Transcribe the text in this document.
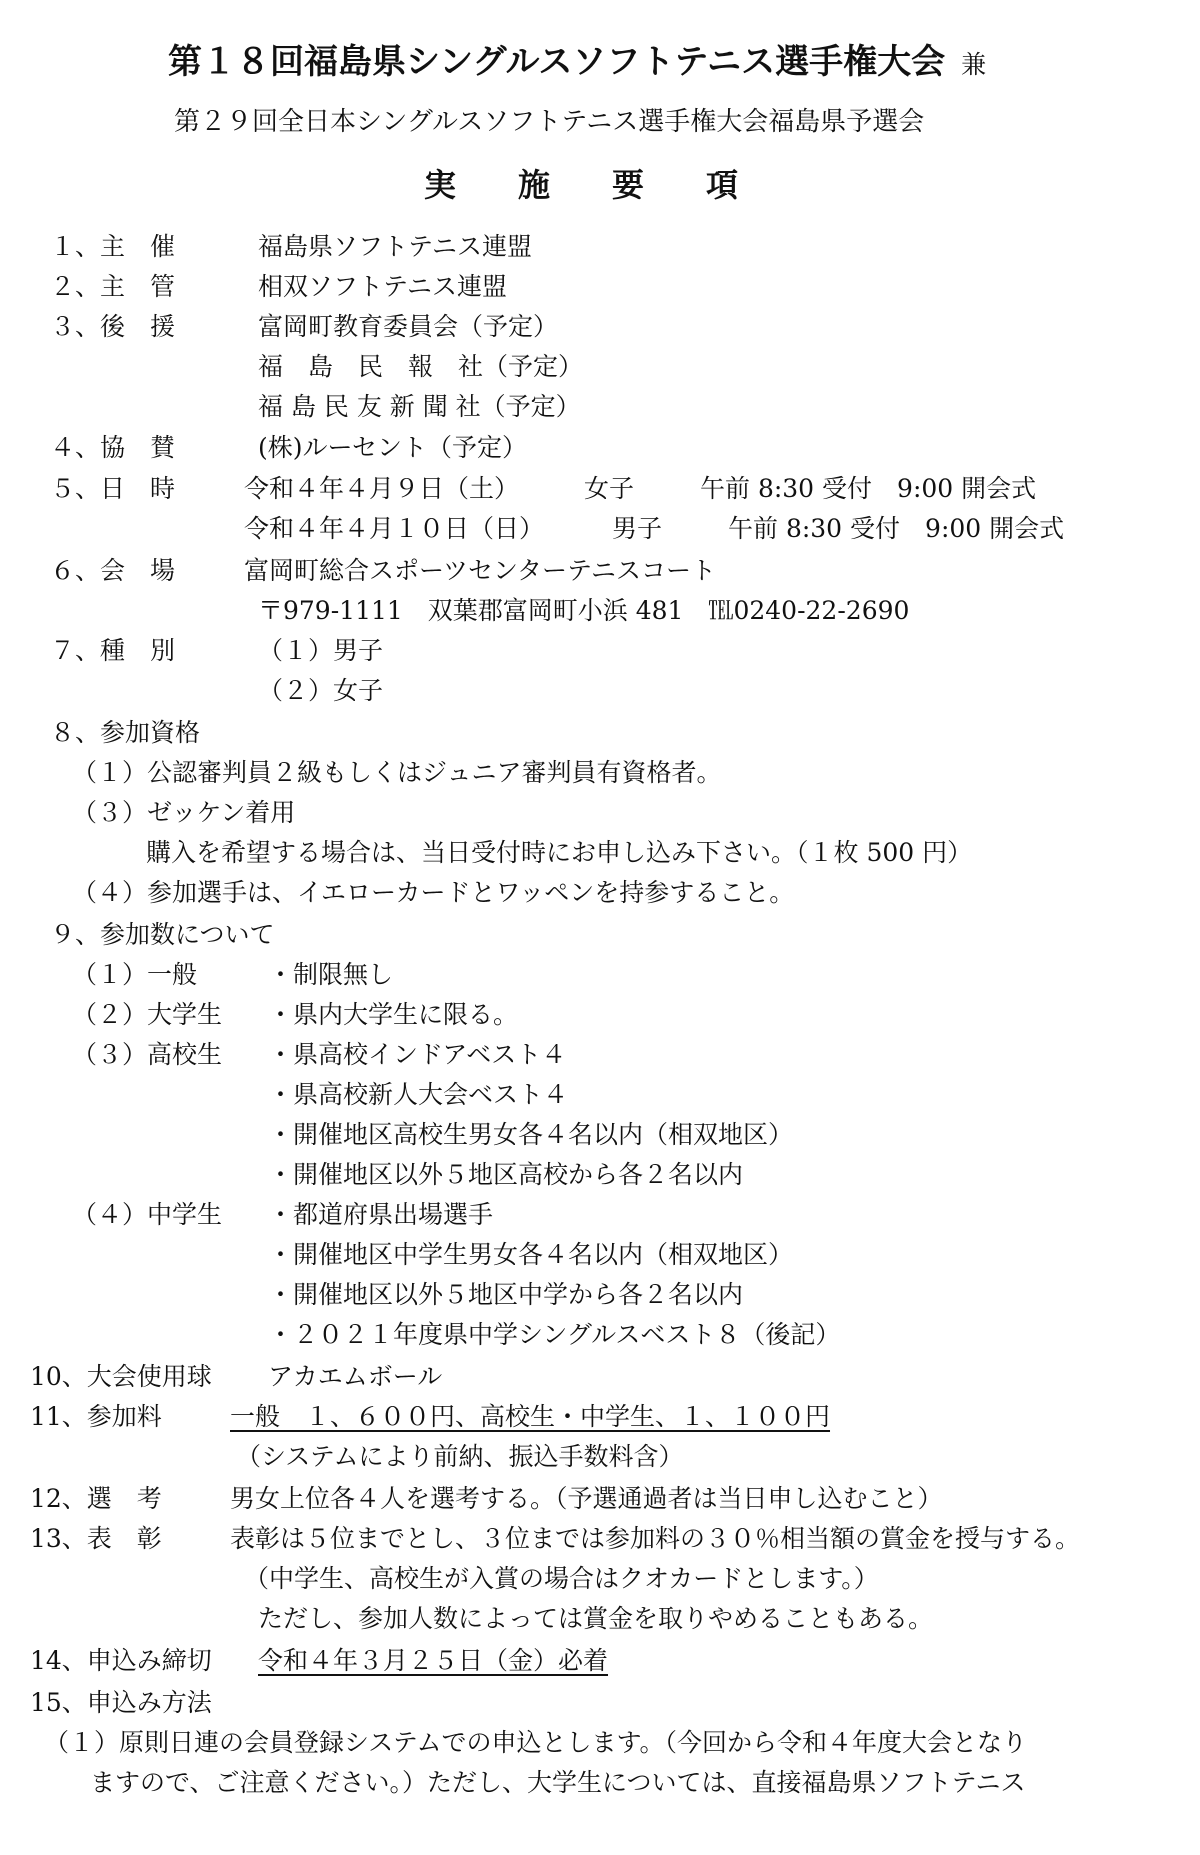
第１８回福島県シングルスソフトテニス選手権大会 兼
第２９回全日本シングルスソフトテニス選手権大会福島県予選会
実施要項
１、主　催	福島県ソフトテニス連盟
２、主　管	相双ソフトテニス連盟
３、後　援	富岡町教育委員会（予定）
福　島　民　報　社（予定）
福 島 民 友 新 聞 社（予定）
４、協　賛	(株)ルーセント（予定）
５、日　時	令和４年４月９日（土）	女子	午前 8:30 受付　9:00 開会式
令和４年４月１０日（日）	男子	午前 8:30 受付　9:00 開会式
６、会　場	富岡町総合スポーツセンターテニスコート
〒979-1111　双葉郡富岡町小浜 481　℡0240-22-2690
７、種　別	（１）男子
（２）女子
８、参加資格
（１）公認審判員２級もしくはジュニア審判員有資格者。
（３）ゼッケン着用
購入を希望する場合は、当日受付時にお申し込み下さい。（１枚 500 円）
（４）参加選手は、イエローカードとワッペンを持参すること。
９、参加数について
（１）一般	・制限無し
（２）大学生 ・県内大学生に限る。
（３）高校生 ・県高校インドアベスト４
・県高校新人大会ベスト４
・開催地区高校生男女各４名以内（相双地区）
・開催地区以外５地区高校から各２名以内
（４）中学生 ・都道府県出場選手
・開催地区中学生男女各４名以内（相双地区）
・開催地区以外５地区中学から各２名以内
・２０２１年度県中学シングルスベスト８（後記）
10、大会使用球 アカエムボール
11、参加料	一般　１、６００円、高校生・中学生、１、１００円
（システムにより前納、振込手数料含）
12、選　考	男女上位各４人を選考する。（予選通過者は当日申し込むこと）
13、表　彰	表彰は５位までとし、３位までは参加料の３０％相当額の賞金を授与する。
（中学生、高校生が入賞の場合はクオカードとします。）
ただし、参加人数によっては賞金を取りやめることもある。
14、申込み締切 令和４年３月２５日（金）必着
15、申込み方法
（１）原則日連の会員登録システムでの申込とします。（今回から令和４年度大会となり
ますので、ご注意ください。）ただし、大学生については、直接福島県ソフトテニス
